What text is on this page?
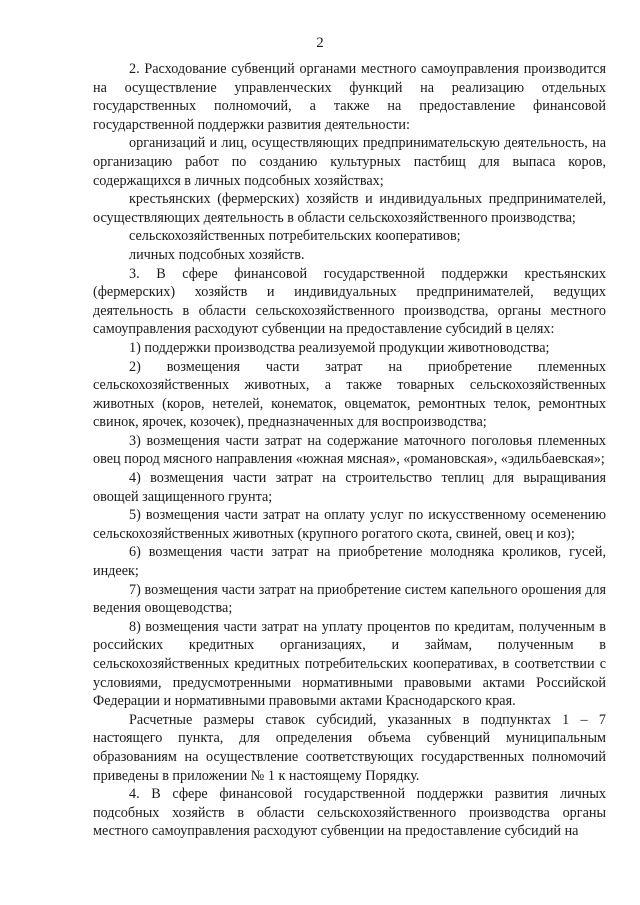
2

2. Расходование субвенций органами местного самоуправления производится на осуществление управленческих функций на реализацию отдельных государственных полномочий, а также на предоставление финансовой государственной поддержки развития деятельности:

организаций и лиц, осуществляющих предпринимательскую деятельность, на организацию работ по созданию культурных пастбищ для выпаса коров, содержащихся в личных подсобных хозяйствах;

крестьянских (фермерских) хозяйств и индивидуальных предпринимателей, осуществляющих деятельность в области сельскохозяйственного производства;

сельскохозяйственных потребительских кооперативов;

личных подсобных хозяйств.

3. В сфере финансовой государственной поддержки крестьянских (фермерских) хозяйств и индивидуальных предпринимателей, ведущих деятельность в области сельскохозяйственного производства, органы местного самоуправления расходуют субвенции на предоставление субсидий в целях:

1) поддержки производства реализуемой продукции животноводства;

2) возмещения части затрат на приобретение племенных сельскохозяйственных животных, а также товарных сельскохозяйственных животных (коров, нетелей, конематок, овцематок, ремонтных телок, ремонтных свинок, ярочек, козочек), предназначенных для воспроизводства;

3) возмещения части затрат на содержание маточного поголовья племенных овец пород мясного направления «южная мясная», «романовская», «эдильбаевская»;

4) возмещения части затрат на строительство теплиц для выращивания овощей защищенного грунта;

5) возмещения части затрат на оплату услуг по искусственному осеменению сельскохозяйственных животных (крупного рогатого скота, свиней, овец и коз);

6) возмещения части затрат на приобретение молодняка кроликов, гусей, индеек;

7) возмещения части затрат на приобретение систем капельного орошения для ведения овощеводства;

8) возмещения части затрат на уплату процентов по кредитам, полученным в российских кредитных организациях, и займам, полученным в сельскохозяйственных кредитных потребительских кооперативах, в соответствии с условиями, предусмотренными нормативными правовыми актами Российской Федерации и нормативными правовыми актами Краснодарского края.

Расчетные размеры ставок субсидий, указанных в подпунктах 1 – 7 настоящего пункта, для определения объема субвенций муниципальным образованиям на осуществление соответствующих государственных полномочий приведены в приложении № 1 к настоящему Порядку.

4. В сфере финансовой государственной поддержки развития личных подсобных хозяйств в области сельскохозяйственного производства органы местного самоуправления расходуют субвенции на предоставление субсидий на
